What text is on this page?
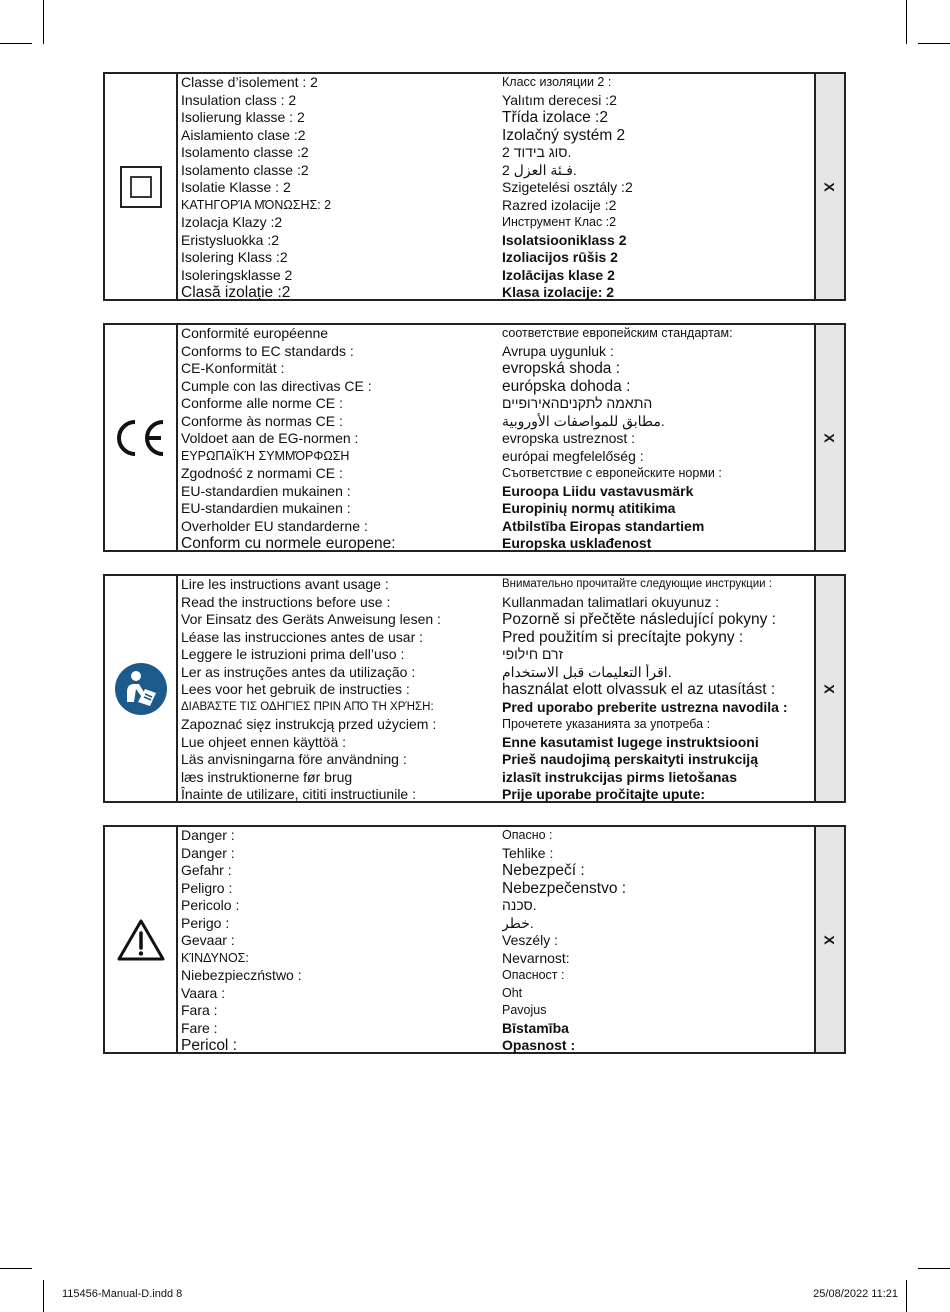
Classe d’isolement : 2
Insulation class : 2
Isolierung klasse : 2
Aislamiento clase :2
Isolamento classe :2
Isolamento classe :2
Isolatie Klasse : 2
ΚΑΤΗΓΟΡΊΑ ΜΌΝΩΣΗΣ: 2
Izolacja Klazy :2
Eristysluokka :2
Isolering Klass :2
Isoleringsklasse 2
Clasă izolație :2
Класс изоляции 2 :
Yalıtım derecesi :2
Třída izolace :2
Izolačný systém 2
סוג בידוד 2.
فـئة العزل 2.
Szigetelési osztály :2
Razred izolacije :2
Инструмент Клас :2
Isolatsiooniklass 2
Izoliacijos rūšis 2
Izolācijas klase 2
Klasa izolacije: 2
X
Conformité européenne
Conforms to EC standards :
CE-Konformität :
Cumple con las directivas CE :
Conforme alle norme CE :
Conforme às normas CE :
Voldoet aan de EG-normen :
ΕΥΡΩΠΑΪΚΉ ΣΥΜΜΌΡΦΩΣΗ
Zgodność z normami CE :
EU-standardien mukainen :
EU-standardien mukainen :
Overholder EU standarderne :
Conform cu normele europene:
соответствие европейским стандартам:
Avrupa uygunluk :
evropská shoda :
európska dohoda :
התאמה לתקניםהאירופיים
مطابق للمواصفات الأوروبية.
evropska ustreznost :
európai megfelelőség :
Съответствие с европейските норми :
Euroopa Liidu vastavusmärk
Europinių normų atitikima
Atbilstība Eiropas standartiem
Europska usklađenost
X
Lire les instructions avant usage :
Read the instructions before use :
Vor Einsatz des Geräts Anweisung lesen :
Léase las instrucciones antes de usar :
Leggere le istruzioni prima dell’uso :
Ler as instruções antes da utilização :
Lees voor het gebruik de instructies :
ΔΙΑΒΆΣΤΕ ΤΙΣ ΟΔΗΓΊΕΣ ΠΡΙΝ ΑΠΌ ΤΗ ΧΡΉΣΗ:
Zapoznać sięz instrukcją przed użyciem :
Lue ohjeet ennen käyttöä :
Läs anvisningarna före användning :
læs instruktionerne før brug
Înainte de utilizare, cititi instructiunile :
Внимательно прочитайте следующие инструкции :
Kullanmadan talimatlari okuyunuz :
Pozorně si přečtěte následující pokyny :
Pred použitím si precítajte pokyny :
זרם חילופי
اقرأ التعليمات قبل الاستخدام.
használat elott olvassuk el az utasítást :
Pred uporabo preberite ustrezna navodila :
Прочетете указанията за употреба :
Enne kasutamist lugege instruktsiooni
Prieš naudojimą perskaityti instrukciją
izlasīt instrukcijas pirms lietošanas
Prije uporabe pročitajte upute:
X
Danger :
Danger :
Gefahr :
Peligro :
Pericolo :
Perigo :
Gevaar :
ΚΊΝΔΥΝΟΣ:
Niebezpieczństwo :
Vaara :
Fara :
Fare :
Pericol :
Опасно :
Tehlike :
Nebezpečí :
Nebezpečenstvo :
סכנה.
خطر.
Veszély :
Nevarnost:
Опасност :
Oht
Pavojus
Bīstamība
Opasnost :
X
115456-Manual-D.indd 8	25/08/2022 11:21
